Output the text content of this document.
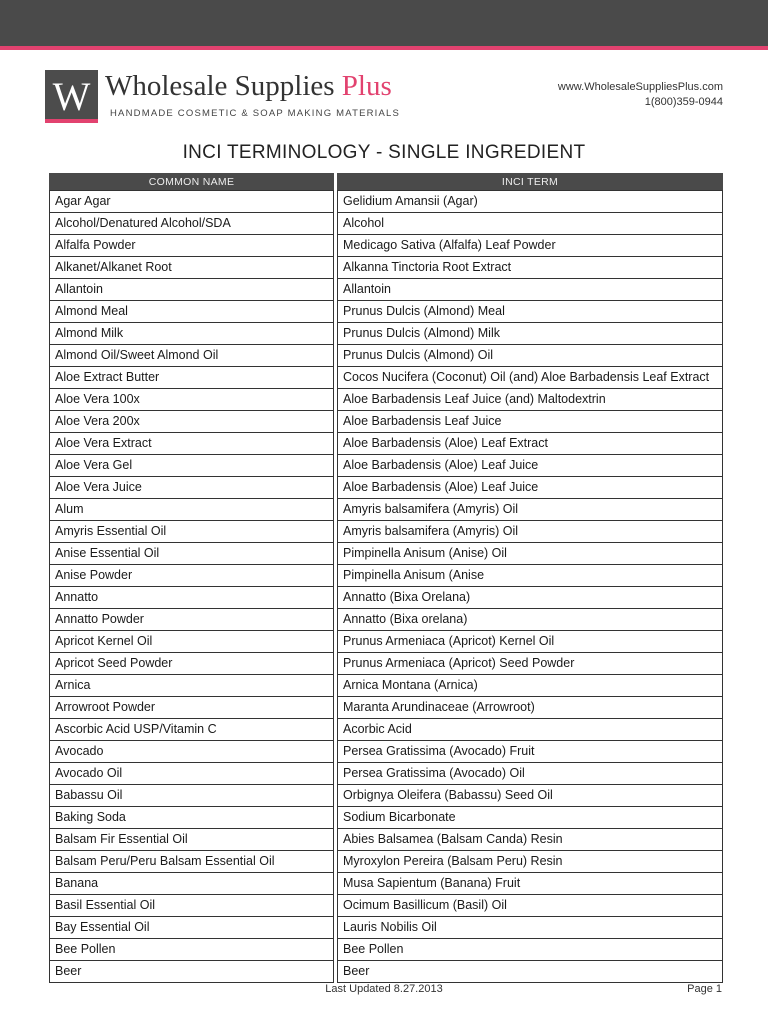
W Wholesale Supplies Plus
HANDMADE COSMETIC & SOAP MAKING MATERIALS
www.WholesaleSuppliesPlus.com
1(800)359-0944
INCI TERMINOLOGY - SINGLE INGREDIENT
COMMON NAME	INCI TERM
Agar Agar	Gelidium Amansii (Agar)
Alcohol/Denatured Alcohol/SDA	Alcohol
Alfalfa Powder	Medicago Sativa (Alfalfa) Leaf Powder
Alkanet/Alkanet Root	Alkanna Tinctoria Root Extract
Allantoin	Allantoin
Almond Meal	Prunus Dulcis (Almond) Meal
Almond Milk	Prunus Dulcis (Almond) Milk
Almond Oil/Sweet Almond Oil	Prunus Dulcis (Almond) Oil
Aloe Extract Butter	Cocos Nucifera (Coconut) Oil (and) Aloe Barbadensis Leaf Extract
Aloe Vera 100x	Aloe Barbadensis Leaf Juice (and) Maltodextrin
Aloe Vera 200x	Aloe Barbadensis Leaf Juice
Aloe Vera Extract	Aloe Barbadensis (Aloe) Leaf Extract
Aloe Vera Gel	Aloe Barbadensis (Aloe) Leaf Juice
Aloe Vera Juice	Aloe Barbadensis (Aloe) Leaf Juice
Alum	Amyris balsamifera (Amyris) Oil
Amyris Essential Oil	Amyris balsamifera (Amyris) Oil
Anise Essential Oil	Pimpinella Anisum (Anise) Oil
Anise Powder	Pimpinella Anisum (Anise
Annatto	Annatto (Bixa Orelana)
Annatto Powder	Annatto (Bixa orelana)
Apricot Kernel Oil	Prunus Armeniaca (Apricot) Kernel Oil
Apricot Seed Powder	Prunus Armeniaca (Apricot) Seed Powder
Arnica	Arnica Montana (Arnica)
Arrowroot Powder	Maranta Arundinaceae (Arrowroot)
Ascorbic Acid USP/Vitamin C	Acorbic Acid
Avocado	Persea Gratissima (Avocado) Fruit
Avocado Oil	Persea Gratissima (Avocado) Oil
Babassu Oil	Orbignya Oleifera (Babassu) Seed Oil
Baking Soda	Sodium Bicarbonate
Balsam Fir Essential Oil	Abies Balsamea (Balsam Canda) Resin
Balsam Peru/Peru Balsam Essential Oil	Myroxylon Pereira (Balsam Peru) Resin
Banana	Musa Sapientum (Banana) Fruit
Basil Essential Oil	Ocimum Basillicum (Basil) Oil
Bay Essential Oil	Lauris Nobilis Oil
Bee Pollen	Bee Pollen
Beer	Beer
Last Updated 8.27.2013	Page 1
